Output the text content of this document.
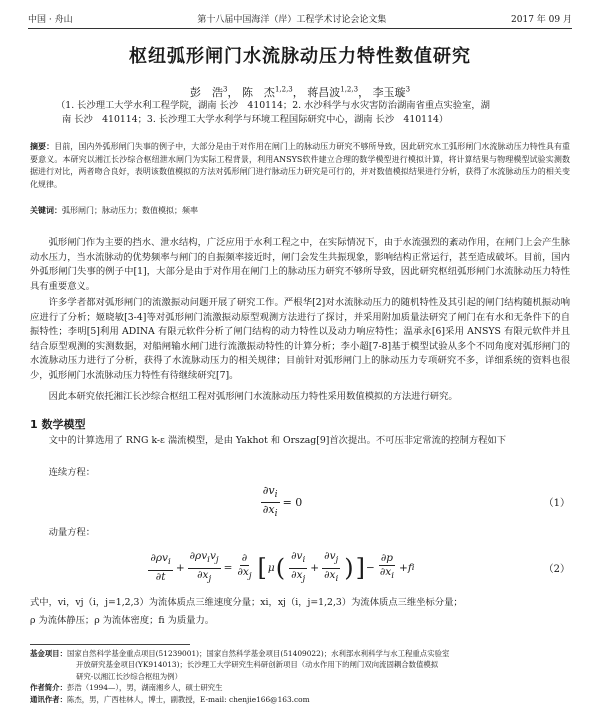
中国 · 舟山	第十八届中国海洋（岸）工程学术讨论会论文集	2017 年 09 月
枢纽弧形闸门水流脉动压力特性数值研究
彭　浩$^3$， 陈　杰$^{1,2,3}$， 蒋昌波$^{1,2,3}$， 李玉璇$^3$
（1. 长沙理工大学水利工程学院，湖南 长沙　410114；2. 水沙科学与水灾害防治湖南省重点实验室，湖
南 长沙　410114；3. 长沙理工大学水利学与环境工程国际研究中心，湖南 长沙　410114）
摘要：目前，国内外弧形闸门失事的例子中，大部分是由于对作用在闸门上的脉动压力研究不够所导致，因此研究水工弧形闸门水流脉动压力特性具有重要意义。本研究以湘江长沙综合枢纽泄水闸门为实际工程背景，利用ANSYS软件建立合理的数学模型进行模拟计算，将计算结果与物理模型试验实测数据进行对比，两者吻合良好，表明该数值模拟的方法对弧形闸门进行脉动压力研究是可行的，并对数值模拟结果进行分析，获得了水流脉动压力的相关变化规律。
关键词：弧形闸门；脉动压力；数值模拟；频率
弧形闸门作为主要的挡水、泄水结构，广泛应用于水利工程之中，在实际情况下，由于水流强烈的紊动作用，在闸门上会产生脉动水压力，当水流脉动的优势频率与闸门的自振频率接近时，闸门会发生共振现象，影响结构正常运行，甚至造成破坏。目前，国内外弧形闸门失事的例子中[1]，大部分是由于对作用在闸门上的脉动压力研究不够所导致，因此研究枢纽弧形闸门水流脉动压力特性具有重要意义。
许多学者都对弧形闸门的流激振动问题开展了研究工作。严根华[2]对水流脉动压力的随机特性及其引起的闸门结构随机振动响应进行了分析；姬晓敏[3-4]等对弧形闸门流激振动原型观测方法进行了探讨，并采用附加质量法研究了闸门在有水和无条件下的自振特性；李明[5]利用 ADINA 有限元软件分析了闸门结构的动力特性以及动力响应特性；温承永[6]采用 ANSYS 有限元软件并且结合原型观测的实测数据，对船闸输水闸门进行流激振动特性的计算分析；李小超[7-8]基于模型试验从多个不同角度对弧形闸门的水流脉动压力进行了分析，获得了水流脉动压力的相关规律；目前针对弧形闸门上的脉动压力专项研究不多，详细系统的资料也很少，弧形闸门水流脉动压力特性有待继续研究[7]。
因此本研究依托湘江长沙综合枢纽工程对弧形闸门水流脉动压力特性采用数值模拟的方法进行研究。
1 数学模型
文中的计算选用了 RNG k-ε 湍流模型，是由 Yakhot 和 Orszag[9]首次提出。不可压非定常流的控制方程如下
连续方程：
$\frac{\partial v_i}{\partial x_i} = 0$	（1）
动量方程：
$\frac{\partial\rho v_i}{\partial t} + \frac{\partial\rho v_iv_j}{\partial x_j} = \frac{\partial}{\partial x_j}$ [ μ ( $\frac{\partial v_i}{\partial x_j} + \frac{\partial v_j}{\partial x_i}$ ) ] − $\frac{\partial p}{\partial x_i} + f$ i	（2）
式中，vi，vj（i，j=1,2,3）为流体质点三维速度分量；xi，xj（i，j=1,2,3）为流体质点三维坐标分量；
ρ 为流体静压；ρ 为流体密度；fi 为质量力。
基金项目：国家自然科学基金重点项目(51239001)；国家自然科学基金项目(51409022)；水利部水利科学与水工程重点实验室
开放研究基金项目(YK914013)；长沙理工大学研究生科研创新项目（动水作用下的闸门双向流固耦合数值模拟
研究-以湘江长沙综合枢纽为例）
作者简介：彭浩（1994—），男，湖南湘乡人，硕士研究生
通讯作者：陈杰，男，广西桂林人，博士，副教授，E-mail: chenjie166@163.com
